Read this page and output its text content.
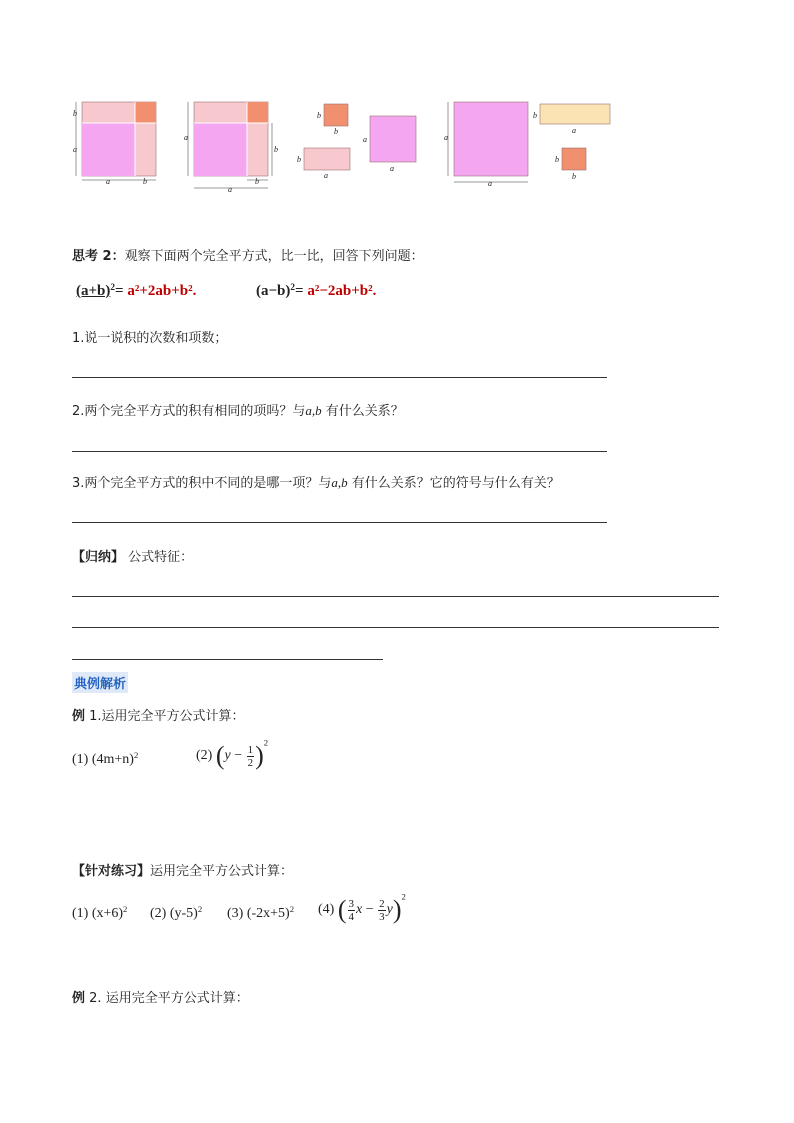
b
a
a	b
a
b
b
a
b
b
b
a
a
a
a
a
b
a
b
b
思考 2：观察下面两个完全平方式，比一比，回答下列问题：
$(a+b)^2= a^2+2ab+b^2$.	$(a-b)^2= a^2-2ab+b^2$.
1.说一说积的次数和项数；
2.两个完全平方式的积有相同的项吗？与a,b 有什么关系？
3.两个完全平方式的积中不同的是哪一项？与a,b 有什么关系？它的符号与什么有关？
【归纳】 公式特征：
典例解析
例 1.运用完全平方公式计算：
(1) $(4m+n)^2$	(2) $(y - \frac{1}{2} )^2$
【针对练习】运用完全平方公式计算：
(1) $(x+6)^2$ (2) $(y-5)^2$ (3) $(-2x+5)^2$ (4) ( $\frac{3}{4}$ $x - \frac{2}{3} y)^2$
例 2. 运用完全平方公式计算：
